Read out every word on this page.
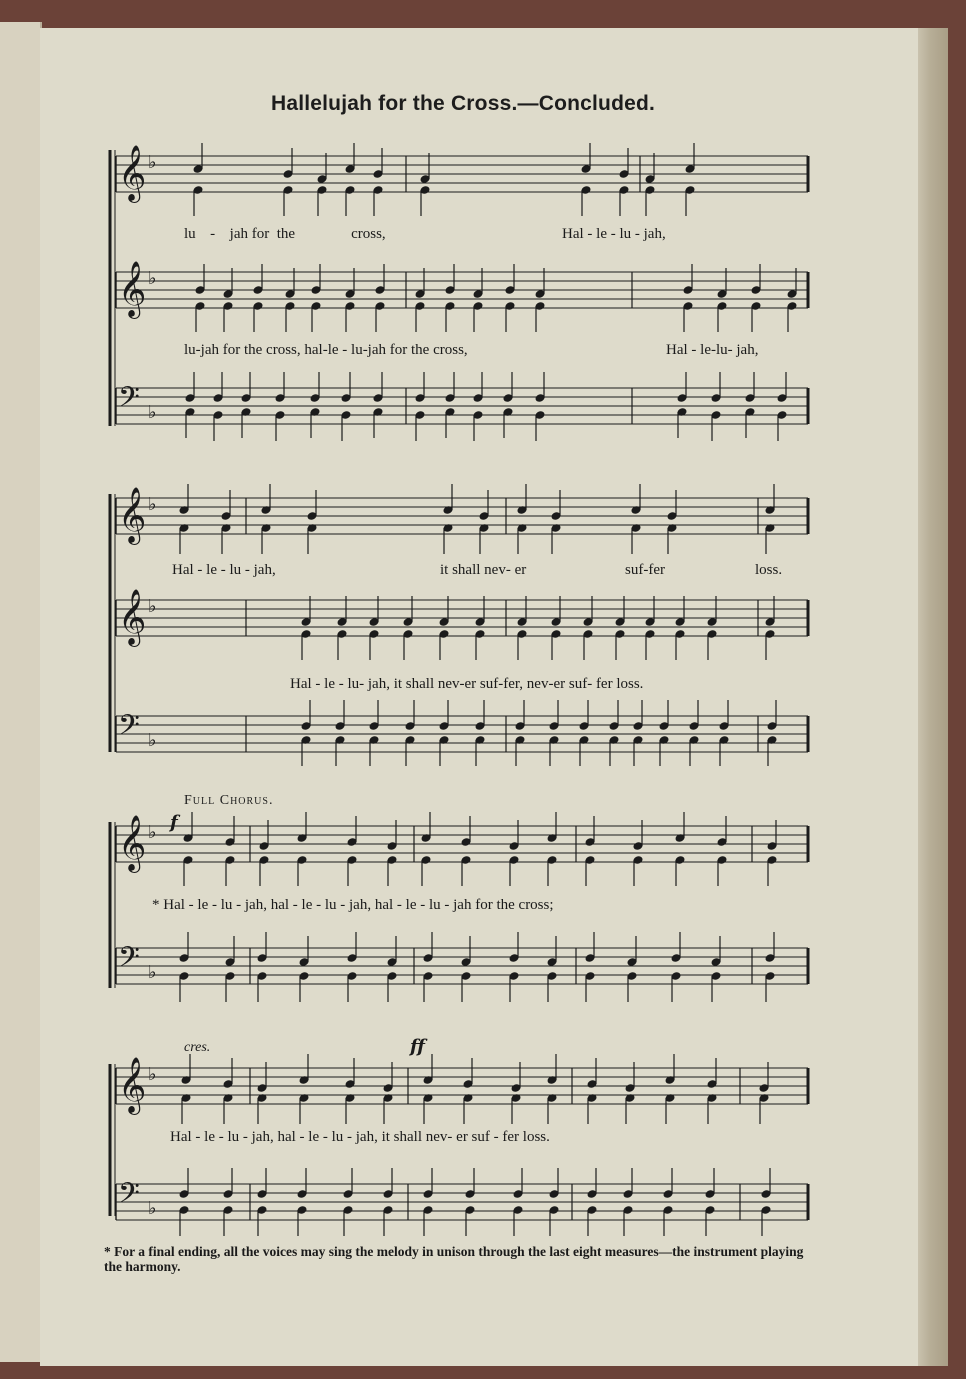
Hallelujah for the Cross.—Concluded.
𝄞 ♭
𝄞 ♭
𝄢 ♭
𝄞 ♭
𝄞 ♭
𝄢 ♭
𝄞 ♭
𝄢 ♭
𝄞 ♭
𝄢 ♭
lu - jah for the	cross,	Hal - le - lu - jah,
lu-jah for the cross, hal-le - lu-jah for the cross,	Hal - le-lu- jah,
Hal - le - lu - jah,	it shall nev- er	suf-fer	loss.
Hal - le - lu- jah, it shall nev-er suf-fer, nev-er suf- fer loss.
Full Chorus.
f
* Hal - le - lu - jah, hal - le - lu - jah, hal - le - lu - jah for the cross;
cres.	ff
Hal - le - lu - jah, hal - le - lu - jah, it shall nev- er suf - fer loss.
* For a final ending, all the voices may sing the melody in unison through the last eight measures—the instrument playing the harmony.
